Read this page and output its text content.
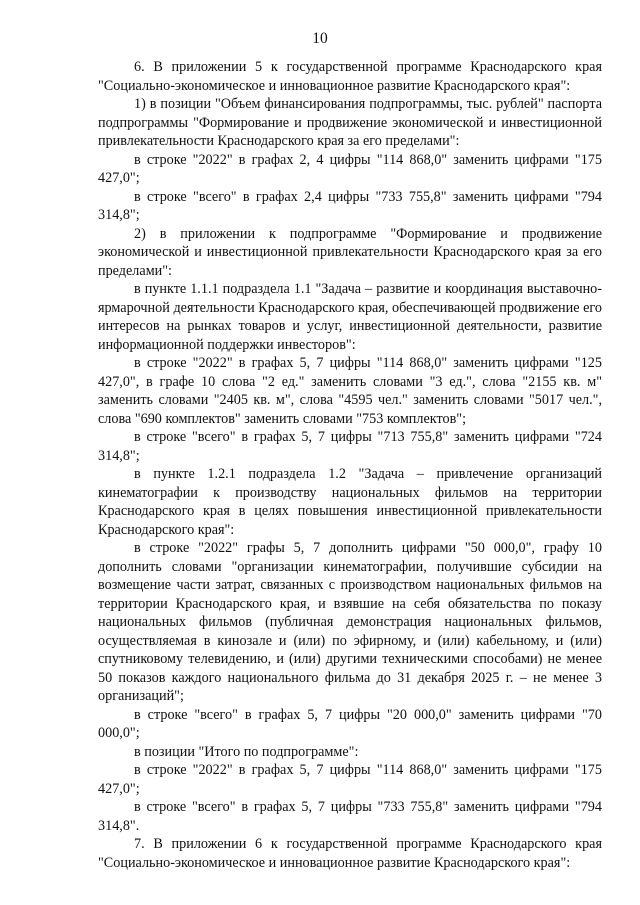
10

6. В приложении 5 к государственной программе Краснодарского края "Социально-экономическое и инновационное развитие Краснодарского края":

1) в позиции "Объем финансирования подпрограммы, тыс. рублей" паспорта подпрограммы "Формирование и продвижение экономической и инвестиционной привлекательности Краснодарского края за его пределами":

в строке "2022" в графах 2, 4 цифры "114 868,0" заменить цифрами "175 427,0";

в строке "всего" в графах 2,4 цифры "733 755,8" заменить цифрами "794 314,8";

2) в приложении к подпрограмме "Формирование и продвижение экономической и инвестиционной привлекательности Краснодарского края за его пределами":

в пункте 1.1.1 подраздела 1.1 "Задача – развитие и координация выставочно-ярмарочной деятельности Краснодарского края, обеспечивающей продвижение его интересов на рынках товаров и услуг, инвестиционной деятельности, развитие информационной поддержки инвесторов":

в строке "2022" в графах 5, 7 цифры "114 868,0" заменить цифрами "125 427,0", в графе 10 слова "2 ед." заменить словами "3 ед.", слова "2155 кв. м" заменить словами "2405 кв. м", слова "4595 чел." заменить словами "5017 чел.", слова "690 комплектов" заменить словами "753 комплектов";

в строке "всего" в графах 5, 7 цифры "713 755,8" заменить цифрами "724 314,8";

в пункте 1.2.1 подраздела 1.2 "Задача – привлечение организаций кинематографии к производству национальных фильмов на территории Краснодарского края в целях повышения инвестиционной привлекательности Краснодарского края":

в строке "2022" графы 5, 7 дополнить цифрами "50 000,0", графу 10 дополнить словами "организации кинематографии, получившие субсидии на возмещение части затрат, связанных с производством национальных фильмов на территории Краснодарского края, и взявшие на себя обязательства по показу национальных фильмов (публичная демонстрация национальных фильмов, осуществляемая в кинозале и (или) по эфирному, и (или) кабельному, и (или) спутниковому телевидению, и (или) другими техническими способами) не менее 50 показов каждого национального фильма до 31 декабря 2025 г. – не менее 3 организаций";

в строке "всего" в графах 5, 7 цифры "20 000,0" заменить цифрами "70 000,0";

в позиции "Итого по подпрограмме":

в строке "2022" в графах 5, 7 цифры "114 868,0" заменить цифрами "175 427,0";

в строке "всего" в графах 5, 7 цифры "733 755,8" заменить цифрами "794 314,8".

7. В приложении 6 к государственной программе Краснодарского края "Социально-экономическое и инновационное развитие Краснодарского края":
